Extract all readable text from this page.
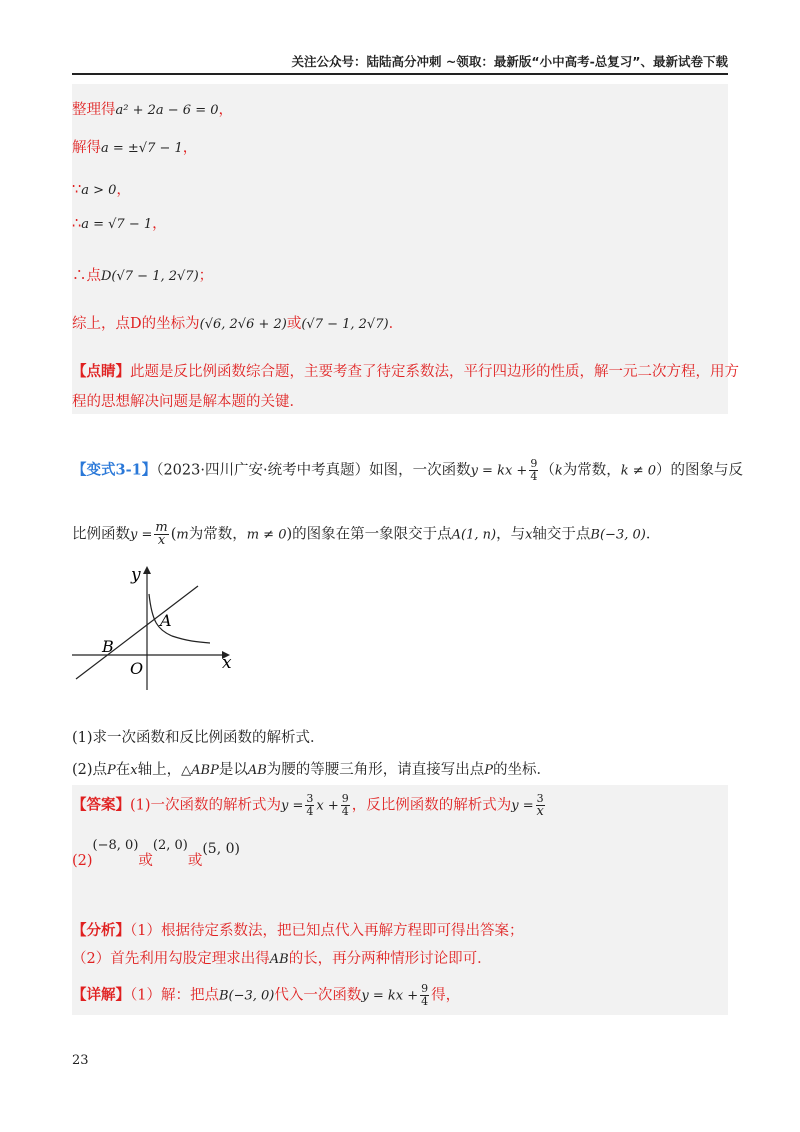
关注公众号：陆陆高分冲刺 ~领取：最新版“小中高考-总复习”、最新试卷下载
整理得a² + 2a − 6 = 0，
解得a = ±√7 − 1，
∵a > 0，
∴a = √7 − 1，
∴点D(√7 − 1, 2√7)；
综上，点D的坐标为(√6, 2√6 + 2)或(√7 − 1, 2√7)．
【点睛】此题是反比例函数综合题，主要考查了待定系数法，平行四边形的性质，解一元二次方程，用方
程的思想解决问题是解本题的关键．
【变式3-1】（2023·四川广安·统考中考真题）如图，一次函数y = kx + $\frac{9}{4} (k$为常数，k ≠ 0）的图象与反
比例函数$y = \frac{m}{x} (m$为常数，m ≠ 0)的图象在第一象限交于点A(1, n)，与x轴交于点B(−3, 0)．
y
x
O
A
B
(1)求一次函数和反比例函数的解析式．
(2)点P在x轴上，△ABP是以AB为腰的等腰三角形，请直接写出点P的坐标．
【答案】(1)一次函数的解析式为$y = \frac{3}{4}$ $x + \frac{9}{4}$ ，反比例函数的解析式为$y = \frac{3}{x}$
(2)(−8, 0)或(2, 0)或(5, 0)
【分析】（1）根据待定系数法，把已知点代入再解方程即可得出答案；
（2）首先利用勾股定理求出得AB的长，再分两种情形讨论即可．
【详解】（1）解：把点B(−3, 0)代入一次函数y = kx + $\frac{9}{4}$ 得，
23
